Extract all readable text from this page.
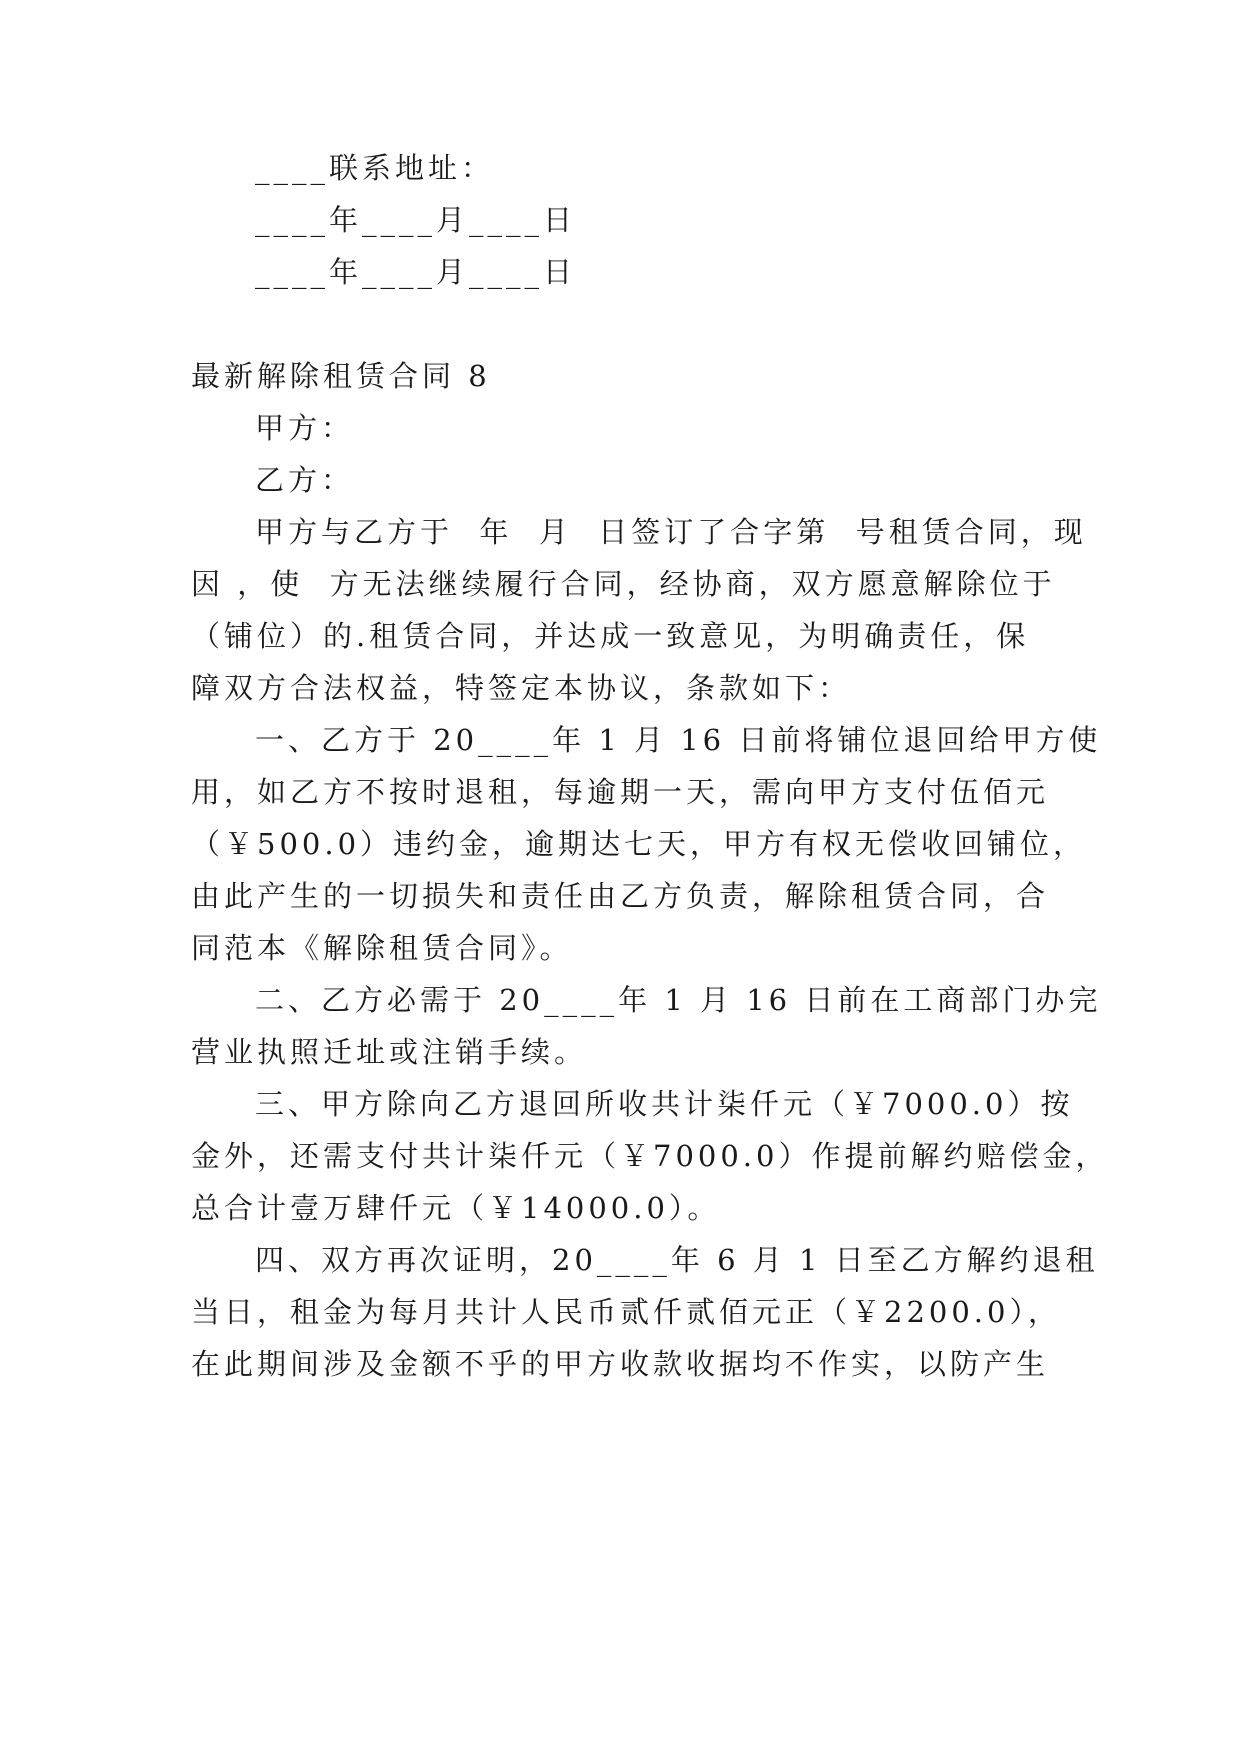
____联系地址：
____年____月____日
____年____月____日
最新解除租赁合同 8
甲方：
乙方：
甲方与乙方于  年  月  日签订了合字第  号租赁合同，现
因 ，使  方无法继续履行合同，经协商，双方愿意解除位于
（铺位）的.租赁合同，并达成一致意见，为明确责任，保
障双方合法权益，特签定本协议，条款如下：
一、乙方于 20____年 1 月 16 日前将铺位退回给甲方使
用，如乙方不按时退租，每逾期一天，需向甲方支付伍佰元
（￥500.0）违约金，逾期达七天，甲方有权无偿收回铺位，
由此产生的一切损失和责任由乙方负责，解除租赁合同，合
同范本《解除租赁合同》。
二、乙方必需于 20____年 1 月 16 日前在工商部门办完
营业执照迁址或注销手续。
三、甲方除向乙方退回所收共计柒仟元（￥7000.0）按
金外，还需支付共计柒仟元（￥7000.0）作提前解约赔偿金，
总合计壹万肆仟元（￥14000.0）。
四、双方再次证明，20____年 6 月 1 日至乙方解约退租
当日，租金为每月共计人民币贰仟贰佰元正（￥2200.0），
在此期间涉及金额不乎的甲方收款收据均不作实，以防产生
